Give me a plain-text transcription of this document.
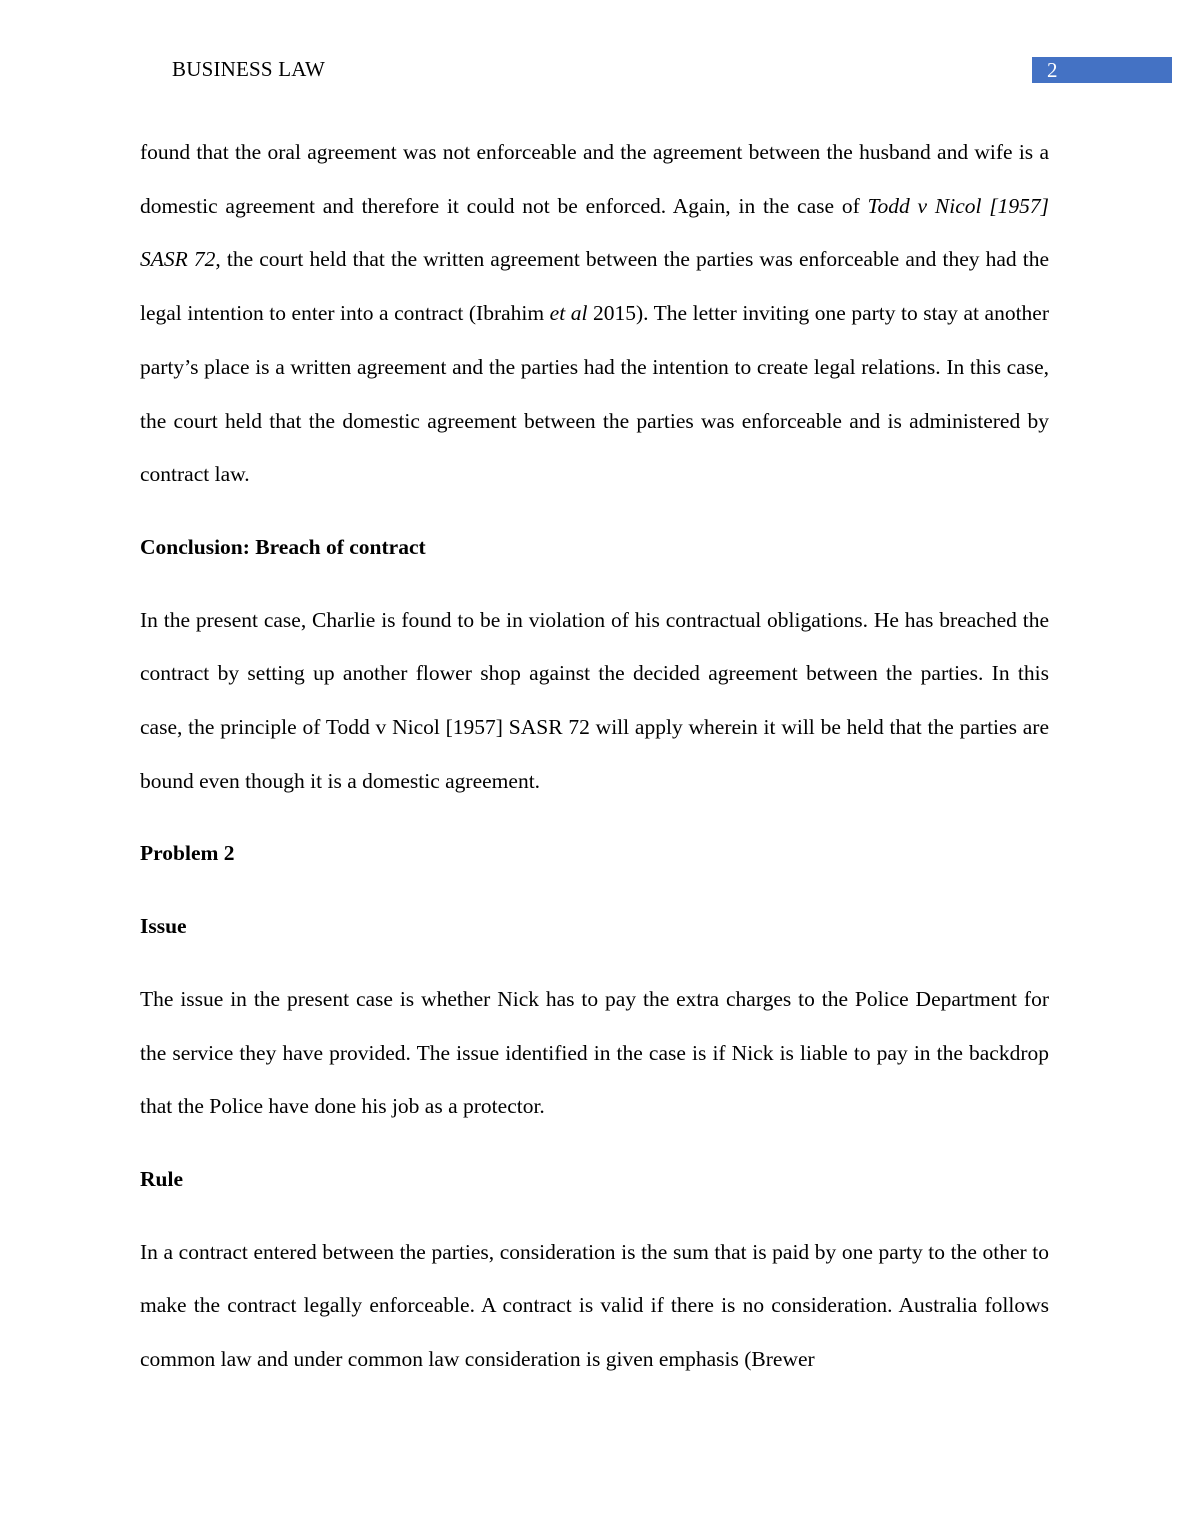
BUSINESS LAW	2

found that the oral agreement was not enforceable and the agreement between the husband and wife is a domestic agreement and therefore it could not be enforced. Again, in the case of Todd v Nicol [1957] SASR 72, the court held that the written agreement between the parties was enforceable and they had the legal intention to enter into a contract (Ibrahim et al 2015). The letter inviting one party to stay at another party’s place is a written agreement and the parties had the intention to create legal relations. In this case, the court held that the domestic agreement between the parties was enforceable and is administered by contract law.

Conclusion: Breach of contract

In the present case, Charlie is found to be in violation of his contractual obligations. He has breached the contract by setting up another flower shop against the decided agreement between the parties. In this case, the principle of Todd v Nicol [1957] SASR 72 will apply wherein it will be held that the parties are bound even though it is a domestic agreement.

Problem 2
Issue

The issue in the present case is whether Nick has to pay the extra charges to the Police Department for the service they have provided. The issue identified in the case is if Nick is liable to pay in the backdrop that the Police have done his job as a protector.

Rule

In a contract entered between the parties, consideration is the sum that is paid by one party to the other to make the contract legally enforceable. A contract is valid if there is no consideration. Australia follows common law and under common law consideration is given emphasis (Brewer
